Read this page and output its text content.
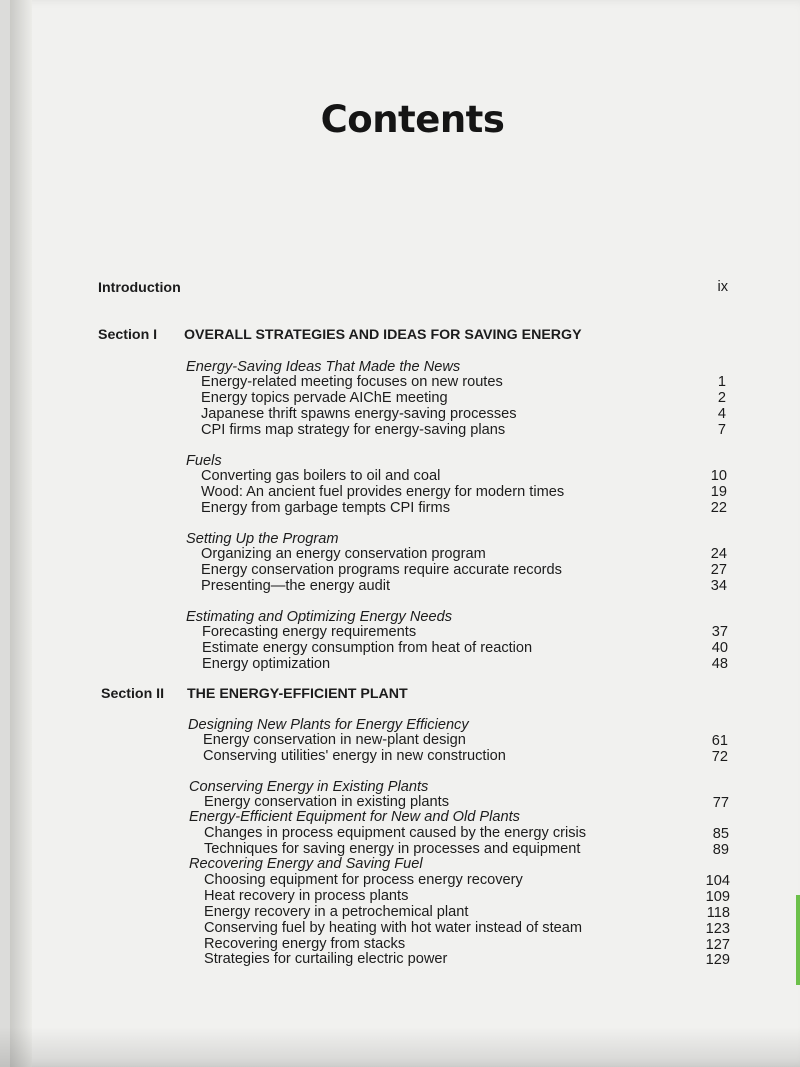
Contents
Introduction	ix
Section I OVERALL STRATEGIES AND IDEAS FOR SAVING ENERGY
Energy-Saving Ideas That Made the News
Energy-related meeting focuses on new routes	1
Energy topics pervade AIChE meeting	2
Japanese thrift spawns energy-saving processes	4
CPI firms map strategy for energy-saving plans	7
Fuels
Converting gas boilers to oil and coal	10
Wood: An ancient fuel provides energy for modern times	19
Energy from garbage tempts CPI firms	22
Setting Up the Program
Organizing an energy conservation program	24
Energy conservation programs require accurate records	27
Presenting—the energy audit	34
Estimating and Optimizing Energy Needs
Forecasting energy requirements	37
Estimate energy consumption from heat of reaction	40
Energy optimization	48
Section II THE ENERGY-EFFICIENT PLANT
Designing New Plants for Energy Efficiency
Energy conservation in new-plant design	61
Conserving utilities' energy in new construction	72
Conserving Energy in Existing Plants
Energy conservation in existing plants	77
Energy-Efficient Equipment for New and Old Plants
Changes in process equipment caused by the energy crisis	85
Techniques for saving energy in processes and equipment	89
Recovering Energy and Saving Fuel
Choosing equipment for process energy recovery	104
Heat recovery in process plants	109
Energy recovery in a petrochemical plant	118
Conserving fuel by heating with hot water instead of steam	123
Recovering energy from stacks	127
Strategies for curtailing electric power	129
